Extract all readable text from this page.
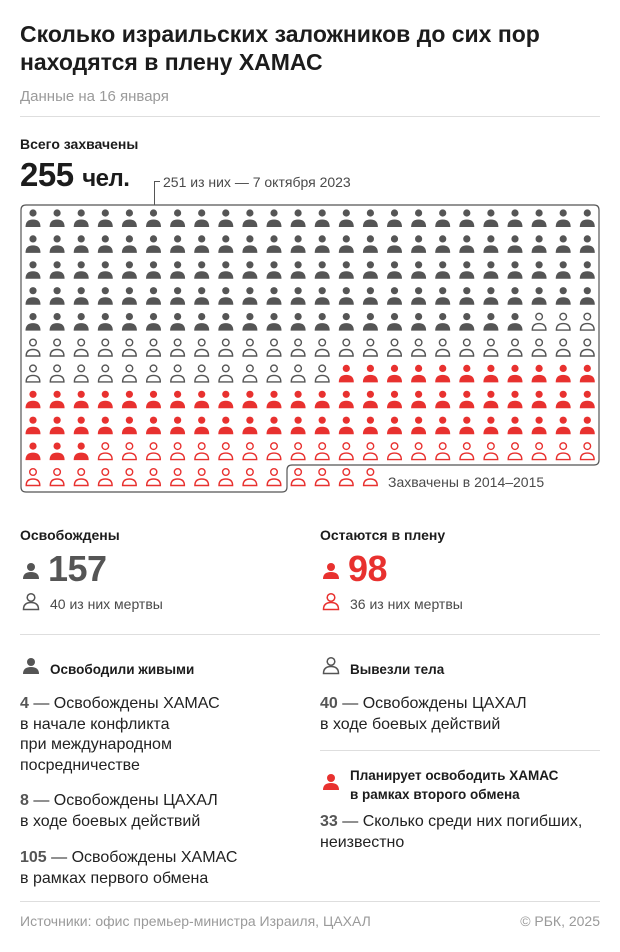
Сколько израильских заложников до сих пор находятся в плену ХАМАС
Данные на 16 января
Всего захвачены
255 чел. 251 из них — 7 октября 2023
Захвачены в 2014–2015
Освобождены
157
40 из них мертвы
Остаются в плену
98
36 из них мертвы
Освободили живыми
4 — Освобождены ХАМАС
в начале конфликта
при международном
посредничестве
8 — Освобождены ЦАХАЛ
в ходе боевых действий
105 — Освобождены ХАМАС
в рамках первого обмена
Вывезли тела
40 — Освобождены ЦАХАЛ
в ходе боевых действий
Планирует освободить ХАМАС
в рамках второго обмена
33 — Сколько среди них погибших,
неизвестно
Источники: офис премьер-министра Израиля, ЦАХАЛ	© РБК, 2025
